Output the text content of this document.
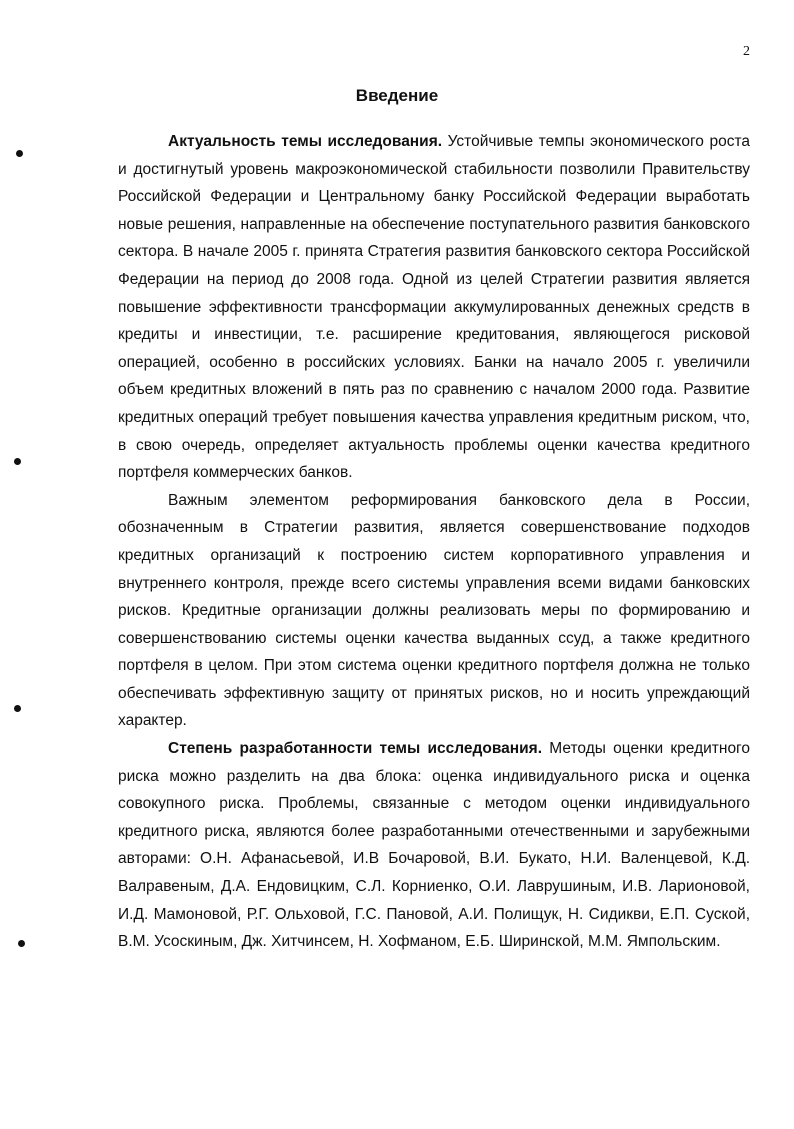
2
Введение

Актуальность темы исследования. Устойчивые темпы экономического роста и достигнутый уровень макроэкономической стабильности позволили Правительству Российской Федерации и Центральному банку Российской Федерации выработать новые решения, направленные на обеспечение поступательного развития банковского сектора. В начале 2005 г. принята Стратегия развития банковского сектора Российской Федерации на период до 2008 года. Одной из целей Стратегии развития является повышение эффективности трансформации аккумулированных денежных средств в кредиты и инвестиции, т.е. расширение кредитования, являющегося рисковой операцией, особенно в российских условиях. Банки на начало 2005 г. увеличили объем кредитных вложений в пять раз по сравнению с началом 2000 года. Развитие кредитных операций требует повышения качества управления кредитным риском, что, в свою очередь, определяет актуальность проблемы оценки качества кредитного портфеля коммерческих банков.

Важным элементом реформирования банковского дела в России, обозначенным в Стратегии развития, является совершенствование подходов кредитных организаций к построению систем корпоративного управления и внутреннего контроля, прежде всего системы управления всеми видами банковских рисков. Кредитные организации должны реализовать меры по формированию и совершенствованию системы оценки качества выданных ссуд, а также кредитного портфеля в целом. При этом система оценки кредитного портфеля должна не только обеспечивать эффективную защиту от принятых рисков, но и носить упреждающий характер.

Степень разработанности темы исследования. Методы оценки кредитного риска можно разделить на два блока: оценка индивидуального риска и оценка совокупного риска. Проблемы, связанные с методом оценки индивидуального кредитного риска, являются более разработанными отечественными и зарубежными авторами: О.Н. Афанасьевой, И.В Бочаровой, В.И. Букато, Н.И. Валенцевой, К.Д. Валравеным, Д.А. Ендовицким, С.Л. Корниенко, О.И. Лаврушиным, И.В. Ларионовой, И.Д. Мамоновой, Р.Г. Ольховой, Г.С. Пановой, А.И. Полищук, Н. Сидикви, Е.П. Суской, В.М. Усоскиным, Дж. Хитчинсем, Н. Хофманом, Е.Б. Ширинской, М.М. Ямпольским.
